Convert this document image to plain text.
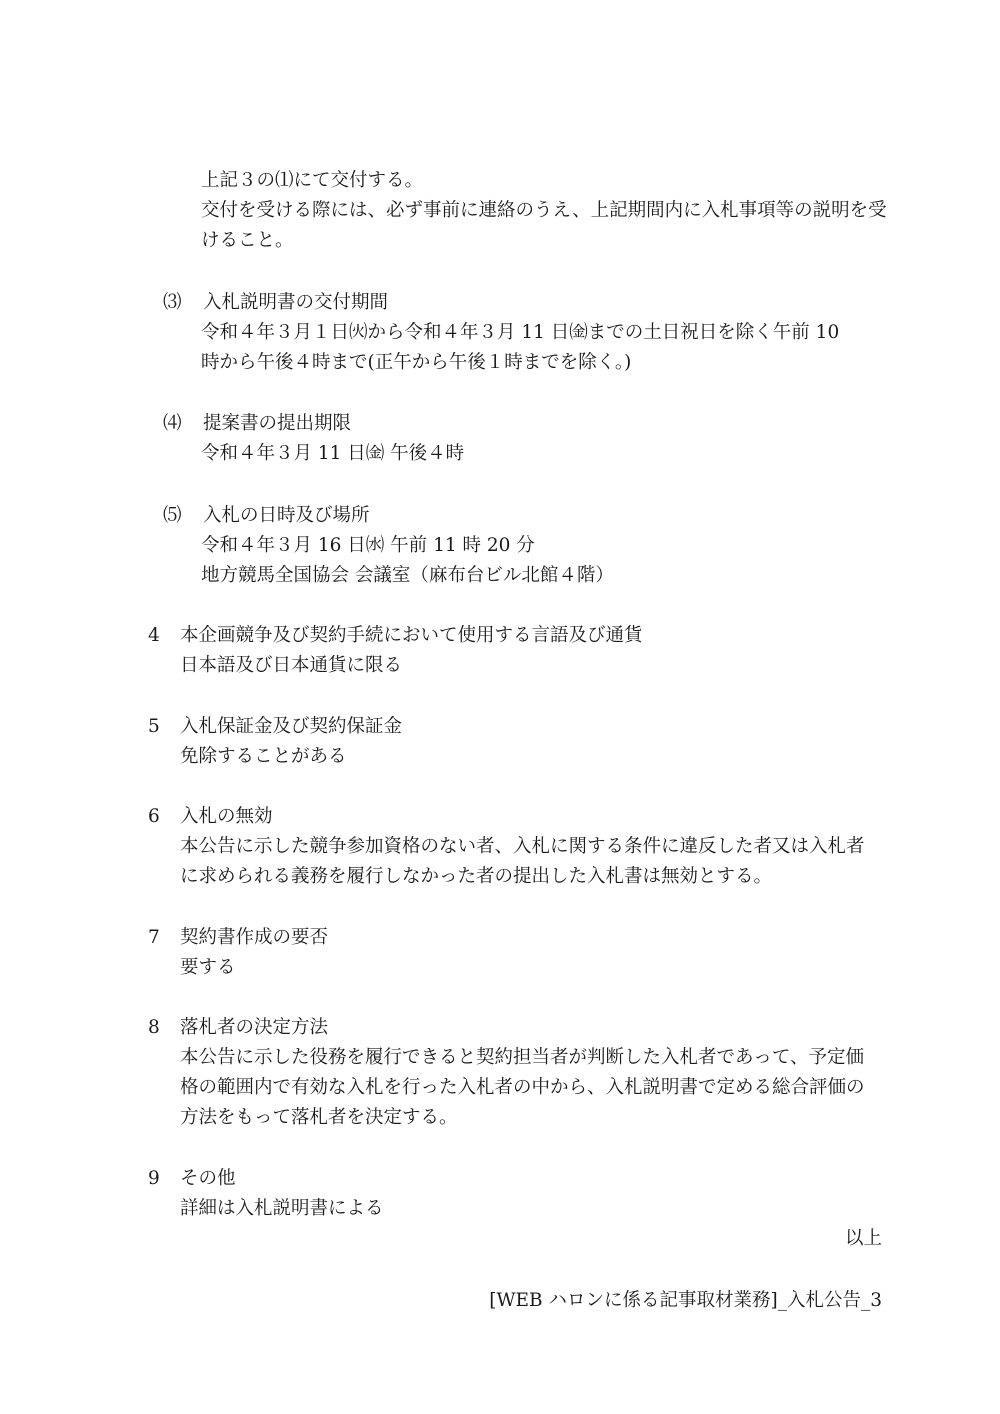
上記３の⑴にて交付する。
交付を受ける際には、必ず事前に連絡のうえ、上記期間内に入札事項等の説明を受
けること。
⑶ 入札説明書の交付期間
令和４年３月１日㈫から令和４年３月 11 日㈮までの土日祝日を除く午前 10
時から午後４時まで(正午から午後１時までを除く。)
⑷ 提案書の提出期限
令和４年３月 11 日㈮ 午後４時
⑸ 入札の日時及び場所
令和４年３月 16 日㈬ 午前 11 時 20 分
地方競馬全国協会 会議室（麻布台ビル北館４階）
4 本企画競争及び契約手続において使用する言語及び通貨
日本語及び日本通貨に限る
5 入札保証金及び契約保証金
免除することがある
6 入札の無効
本公告に示した競争参加資格のない者、入札に関する条件に違反した者又は入札者
に求められる義務を履行しなかった者の提出した入札書は無効とする。
7 契約書作成の要否
要する
8 落札者の決定方法
本公告に示した役務を履行できると契約担当者が判断した入札者であって、予定価
格の範囲内で有効な入札を行った入札者の中から、入札説明書で定める総合評価の
方法をもって落札者を決定する。
9 その他
詳細は入札説明書による
以上
[WEB ハロンに係る記事取材業務]_入札公告_3
